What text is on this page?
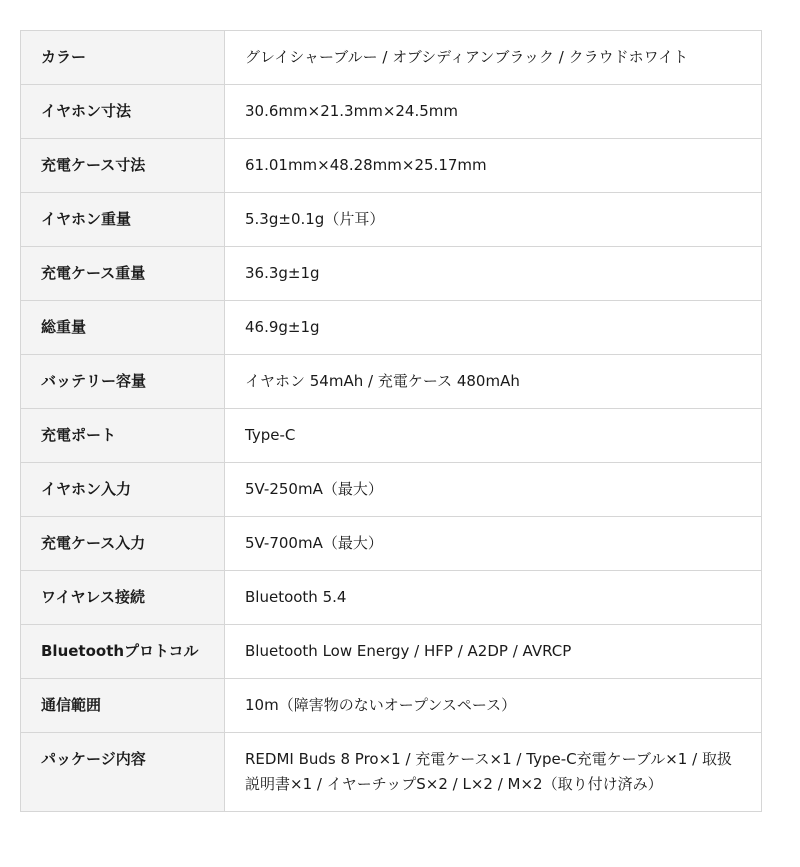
カラー	グレイシャーブルー / オブシディアンブラック / クラウドホワイト
イヤホン寸法	30.6mm×21.3mm×24.5mm
充電ケース寸法	61.01mm×48.28mm×25.17mm
イヤホン重量	5.3g±0.1g（片耳）
充電ケース重量	36.3g±1g
総重量	46.9g±1g
バッテリー容量	イヤホン 54mAh / 充電ケース 480mAh
充電ポート	Type-C
イヤホン入力	5V-250mA（最大）
充電ケース入力	5V-700mA（最大）
ワイヤレス接続	Bluetooth 5.4
Bluetoothプロトコル	Bluetooth Low Energy / HFP / A2DP / AVRCP
通信範囲	10m（障害物のないオープンスペース）
パッケージ内容	REDMI Buds 8 Pro×1 / 充電ケース×1 / Type-C充電ケーブル×1 / 取扱説明書×1 / イヤーチップS×2 / L×2 / M×2（取り付け済み）
